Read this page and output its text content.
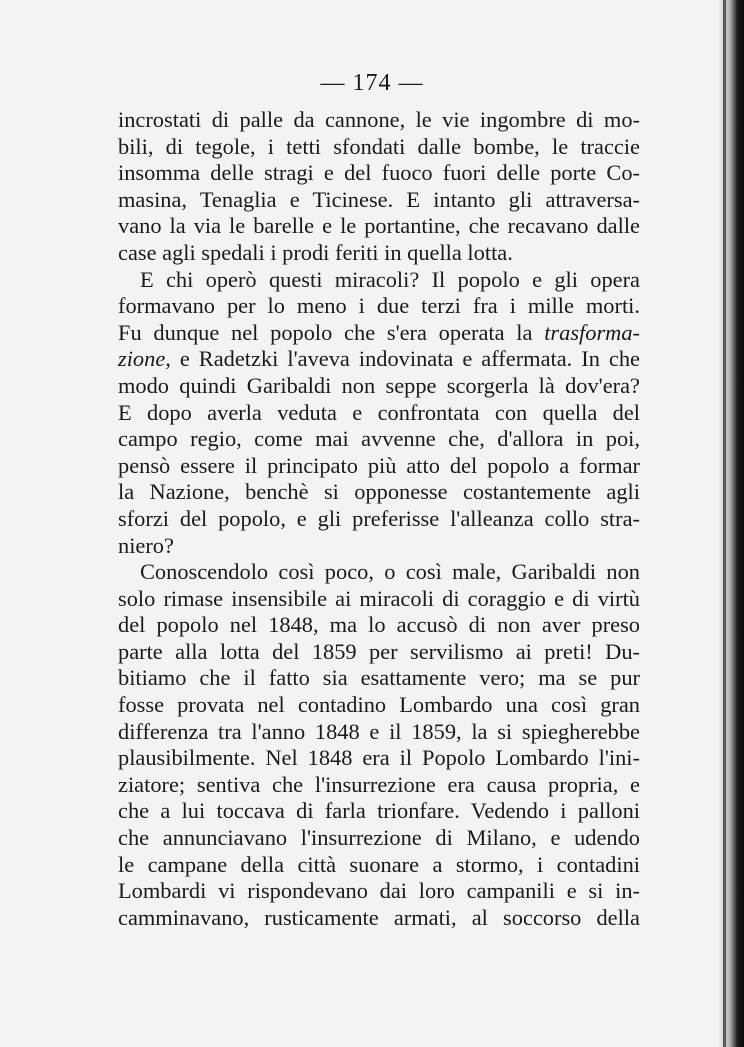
— 174 —
incrostati di palle da cannone, le vie ingombre di mo-
bili, di tegole, i tetti sfondati dalle bombe, le traccie
insomma delle stragi e del fuoco fuori delle porte Co-
masina, Tenaglia e Ticinese. E intanto gli attraversa-
vano la via le barelle e le portantine, che recavano dalle
case agli spedali i prodi feriti in quella lotta.
E chi operò questi miracoli? Il popolo e gli opera
formavano per lo meno i due terzi fra i mille morti.
Fu dunque nel popolo che s'era operata la trasforma-
zione, e Radetzki l'aveva indovinata e affermata. In che
modo quindi Garibaldi non seppe scorgerla là dov'era?
E dopo averla veduta e confrontata con quella del
campo regio, come mai avvenne che, d'allora in poi,
pensò essere il principato più atto del popolo a formar
la Nazione, benchè si opponesse costantemente agli
sforzi del popolo, e gli preferisse l'alleanza collo stra-
niero?
Conoscendolo così poco, o così male, Garibaldi non
solo rimase insensibile ai miracoli di coraggio e di virtù
del popolo nel 1848, ma lo accusò di non aver preso
parte alla lotta del 1859 per servilismo ai preti! Du-
bitiamo che il fatto sia esattamente vero; ma se pur
fosse provata nel contadino Lombardo una così gran
differenza tra l'anno 1848 e il 1859, la si spiegherebbe
plausibilmente. Nel 1848 era il Popolo Lombardo l'ini-
ziatore; sentiva che l'insurrezione era causa propria, e
che a lui toccava di farla trionfare. Vedendo i palloni
che annunciavano l'insurrezione di Milano, e udendo
le campane della città suonare a stormo, i contadini
Lombardi vi rispondevano dai loro campanili e si in-
camminavano, rusticamente armati, al soccorso della
